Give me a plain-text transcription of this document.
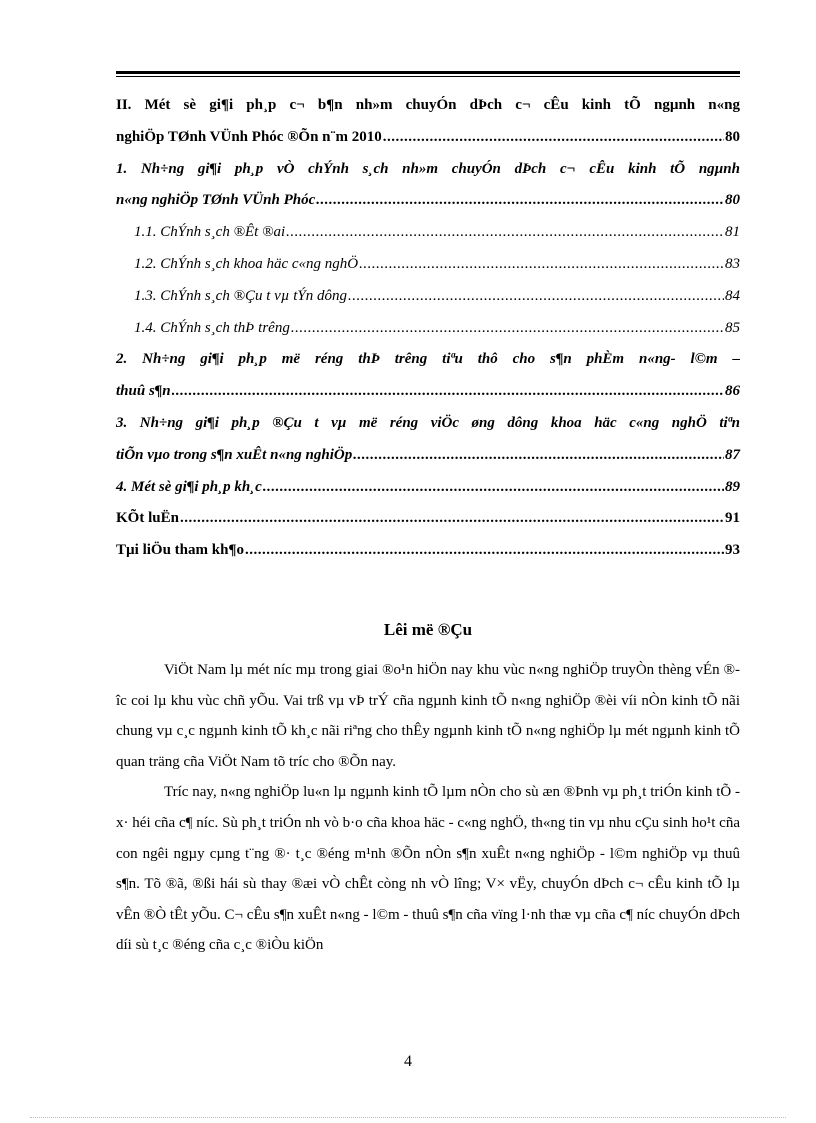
II. Mét sè gi¶i ph¸p c¬ b¶n nh»m chuyÓn dÞch c¬ cÊu kinh tÕ ngµnh n«ng
nghiÖp TØnh VÜnh Phóc ®Õn n¨m 2010 .....	80
1. Nh÷ng gi¶i ph¸p vÒ chÝnh s¸ch nh»m chuyÓn dÞch c¬ cÊu kinh tÕ ngµnh
n«ng nghiÖp TØnh VÜnh Phóc .....	80
1.1. ChÝnh s¸ch ®Êt ®ai .....	81
1.2. ChÝnh s¸ch khoa häc c«ng nghÖ .....	83
1.3. ChÝnh s¸ch ®Çu t vµ tÝn dông .....	84
1.4. ChÝnh s¸ch thÞ trêng .....	85
2. Nh÷ng gi¶i ph¸p më réng thÞ trêng tiªu thô cho s¶n phÈm n«ng- l©m –
thuû s¶n .....	86
3. Nh÷ng gi¶i ph¸p ®Çu t vµ më réng viÖc øng dông khoa häc c«ng nghÖ tiªn
tiÕn vµo trong s¶n xuÊt n«ng nghiÖp .....	87
4. Mét sè gi¶i ph¸p kh¸c .....	89
KÕt luËn .....	91
Tµi liÖu tham kh¶o .....	93
Lêi më ®Çu

ViÖt Nam lµ mét níc mµ trong giai ®o¹n hiÖn nay khu vùc n«ng nghiÖp truyÒn thèng vÉn ®îc coi lµ khu vùc chñ yÕu. Vai trß vµ vÞ trÝ cña ngµnh kinh tÕ n«ng nghiÖp ®èi víi nÒn kinh tÕ nãi chung vµ c¸c ngµnh kinh tÕ kh¸c nãi riªng cho thÊy ngµnh kinh tÕ n«ng nghiÖp lµ mét ngµnh kinh tÕ quan träng cña ViÖt Nam tõ tríc cho ®Õn nay.

Tríc nay, n«ng nghiÖp lu«n lµ ngµnh kinh tÕ lµm nÒn cho sù æn ®Þnh vµ ph¸t triÓn kinh tÕ - x· héi cña c¶ níc. Sù ph¸t triÓn nh vò b·o cña khoa häc - c«ng nghÖ, th«ng tin vµ nhu cÇu sinh ho¹t cña con ngêi ngµy cµng t¨ng ®· t¸c ®éng m¹nh ®Õn nÒn s¶n xuÊt n«ng nghiÖp - l©m nghiÖp vµ thuû s¶n. Tõ ®ã, ®ßi hái sù thay ®æi vÒ chÊt còng nh vÒ lîng; V× vËy, chuyÓn dÞch c¬ cÊu kinh tÕ lµ vÊn ®Ò tÊt yÕu. C¬ cÊu s¶n xuÊt n«ng - l©m - thuû s¶n cña vïng l·nh thæ vµ cña c¶ níc chuyÓn dÞch díi sù t¸c ®éng cña c¸c ®iÒu kiÖn

4
